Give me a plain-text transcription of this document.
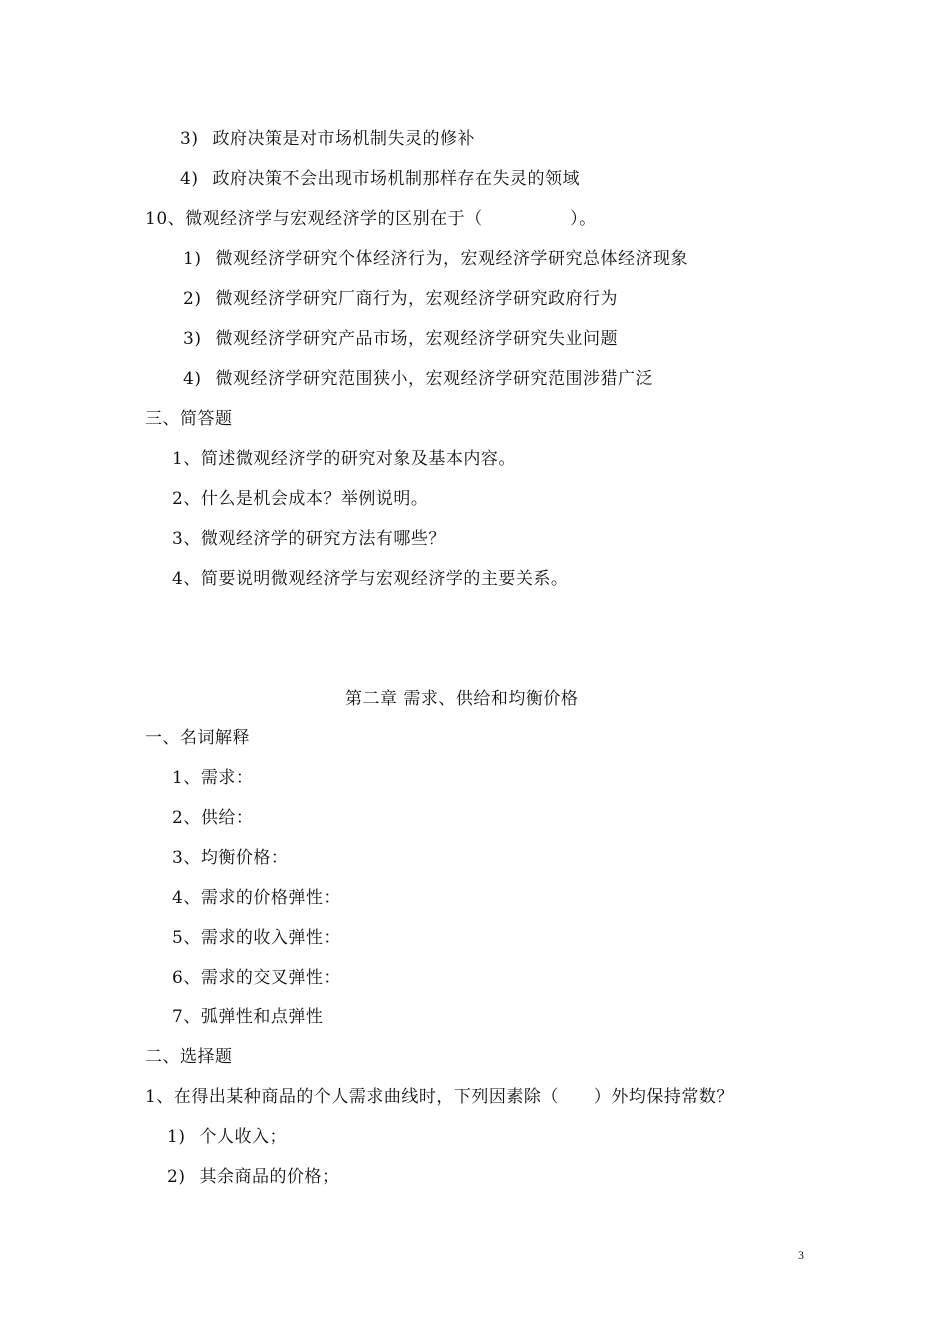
3) 政府决策是对市场机制失灵的修补
4) 政府决策不会出现市场机制那样存在失灵的领域
10、微观经济学与宏观经济学的区别在于（　　　　　）。
1) 微观经济学研究个体经济行为，宏观经济学研究总体经济现象
2) 微观经济学研究厂商行为，宏观经济学研究政府行为
3) 微观经济学研究产品市场，宏观经济学研究失业问题
4) 微观经济学研究范围狭小，宏观经济学研究范围涉猎广泛
三、简答题
1、简述微观经济学的研究对象及基本内容。
2、什么是机会成本？举例说明。
3、微观经济学的研究方法有哪些？
4、简要说明微观经济学与宏观经济学的主要关系。
第二章 需求、供给和均衡价格
一、名词解释
1、需求：
2、供给：
3、均衡价格：
4、需求的价格弹性：
5、需求的收入弹性：
6、需求的交叉弹性：
7、弧弹性和点弹性
二、选择题
1、在得出某种商品的个人需求曲线时，下列因素除（　　）外均保持常数？
1) 个人收入；
2) 其余商品的价格；
3
